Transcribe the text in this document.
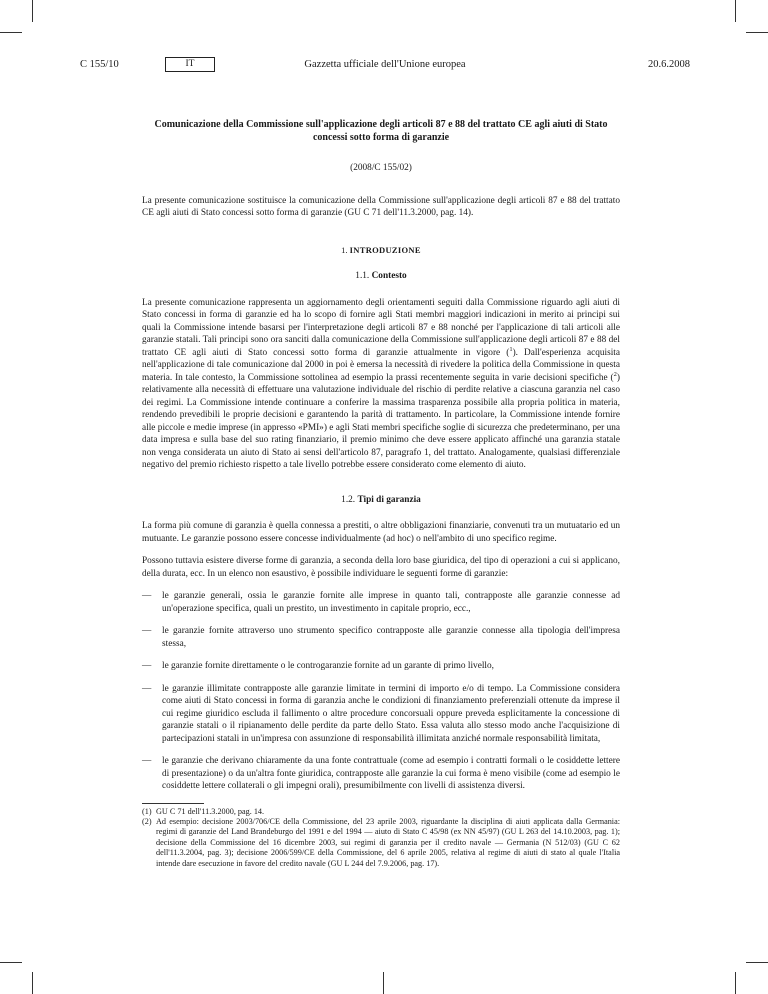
C 155/10	IT	Gazzetta ufficiale dell'Unione europea	20.6.2008
Comunicazione della Commissione sull'applicazione degli articoli 87 e 88 del trattato CE agli aiuti di Stato concessi sotto forma di garanzie
(2008/C 155/02)

La presente comunicazione sostituisce la comunicazione della Commissione sull'applicazione degli articoli 87 e 88 del trattato CE agli aiuti di Stato concessi sotto forma di garanzie (GU C 71 dell'11.3.2000, pag. 14).

1. INTRODUZIONE
1.1. Contesto

La presente comunicazione rappresenta un aggiornamento degli orientamenti seguiti dalla Commissione riguardo agli aiuti di Stato concessi in forma di garanzie ed ha lo scopo di fornire agli Stati membri maggiori indicazioni in merito ai principi sui quali la Commissione intende basarsi per l'interpretazione degli articoli 87 e 88 nonché per l'applicazione di tali articoli alle garanzie statali. Tali principi sono ora sanciti dalla comunicazione della Commissione sull'applicazione degli articoli 87 e 88 del trattato CE agli aiuti di Stato concessi sotto forma di garanzie attualmente in vigore ($^1$). Dall'esperienza acquisita nell'applicazione di tale comunicazione dal 2000 in poi è emersa la necessità di rivedere la politica della Commissione in questa materia. In tale contesto, la Commissione sottolinea ad esempio la prassi recentemente seguita in varie decisioni specifiche ($^2$) relativamente alla necessità di effettuare una valutazione individuale del rischio di perdite relative a ciascuna garanzia nel caso dei regimi. La Commissione intende continuare a conferire la massima trasparenza possibile alla propria politica in materia, rendendo prevedibili le proprie decisioni e garantendo la parità di trattamento. In particolare, la Commissione intende fornire alle piccole e medie imprese (in appresso «PMI») e agli Stati membri specifiche soglie di sicurezza che predeterminano, per una data impresa e sulla base del suo rating finanziario, il premio minimo che deve essere applicato affinché una garanzia statale non venga considerata un aiuto di Stato ai sensi dell'articolo 87, paragrafo 1, del trattato. Analogamente, qualsiasi differenziale negativo del premio richiesto rispetto a tale livello potrebbe essere considerato come elemento di aiuto.

1.2. Tipi di garanzia

La forma più comune di garanzia è quella connessa a prestiti, o altre obbligazioni finanziarie, convenuti tra un mutuatario ed un mutuante. Le garanzie possono essere concesse individualmente (ad hoc) o nell'ambito di uno specifico regime.

Possono tuttavia esistere diverse forme di garanzia, a seconda della loro base giuridica, del tipo di operazioni a cui si applicano, della durata, ecc. In un elenco non esaustivo, è possibile individuare le seguenti forme di garanzie:

— le garanzie generali, ossia le garanzie fornite alle imprese in quanto tali, contrapposte alle garanzie connesse ad un'operazione specifica, quali un prestito, un investimento in capitale proprio, ecc.,
— le garanzie fornite attraverso uno strumento specifico contrapposte alle garanzie connesse alla tipologia dell'impresa stessa,
— le garanzie fornite direttamente o le controgaranzie fornite ad un garante di primo livello,
— le garanzie illimitate contrapposte alle garanzie limitate in termini di importo e/o di tempo. La Commissione considera come aiuti di Stato concessi in forma di garanzia anche le condizioni di finanziamento preferenziali ottenute da imprese il cui regime giuridico escluda il fallimento o altre procedure concorsuali oppure preveda esplicitamente la concessione di garanzie statali o il ripianamento delle perdite da parte dello Stato. Essa valuta allo stesso modo anche l'acquisizione di partecipazioni statali in un'impresa con assunzione di responsabilità illimitata anziché normale responsabilità limitata,
— le garanzie che derivano chiaramente da una fonte contrattuale (come ad esempio i contratti formali o le cosiddette lettere di presentazione) o da un'altra fonte giuridica, contrapposte alle garanzie la cui forma è meno visibile (come ad esempio le cosiddette lettere collaterali o gli impegni orali), presumibilmente con livelli di assistenza diversi.
(1) GU C 71 dell'11.3.2000, pag. 14.
(2) Ad esempio: decisione 2003/706/CE della Commissione, del 23 aprile 2003, riguardante la disciplina di aiuti applicata dalla Germania: regimi di garanzie del Land Brandeburgo del 1991 e del 1994 — aiuto di Stato C 45/98 (ex NN 45/97) (GU L 263 del 14.10.2003, pag. 1); decisione della Commissione del 16 dicembre 2003, sui regimi di garanzia per il credito navale — Germania (N 512/03) (GU C 62 dell'11.3.2004, pag. 3); decisione 2006/599/CE della Commissione, del 6 aprile 2005, relativa al regime di aiuti di stato al quale l'Italia intende dare esecuzione in favore del credito navale (GU L 244 del 7.9.2006, pag. 17).
